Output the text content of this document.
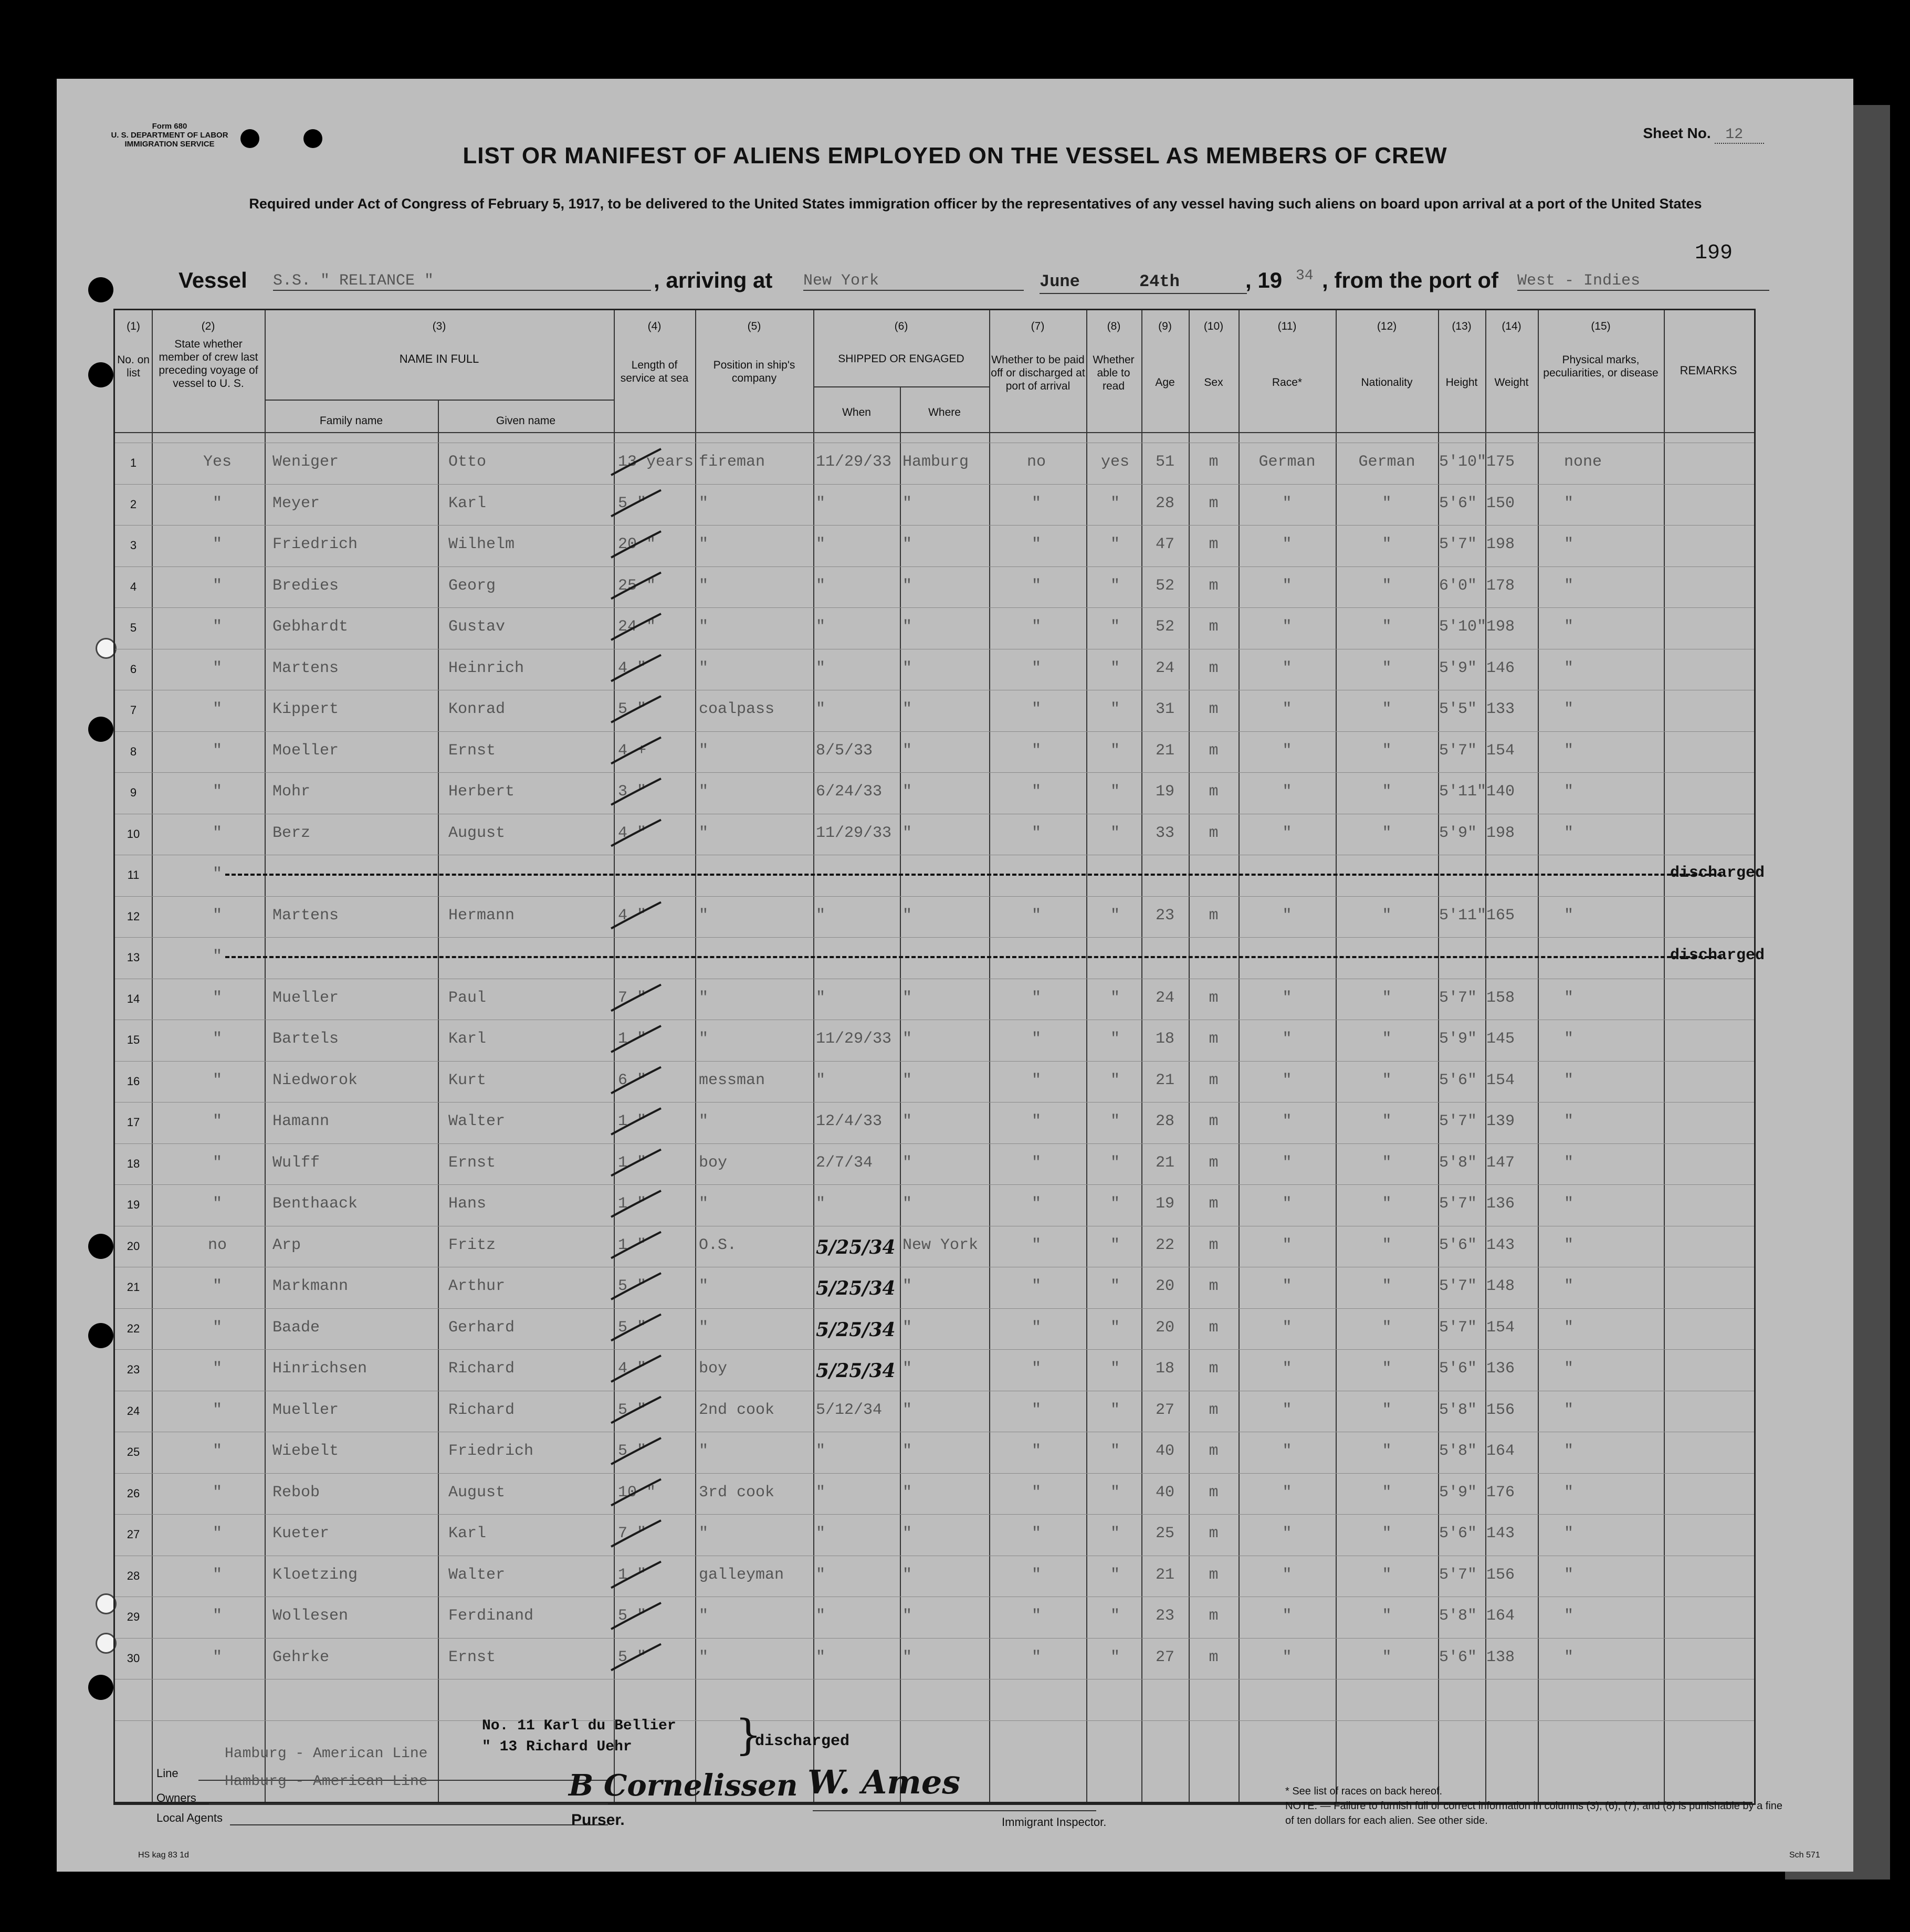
Form 680
U. S. DEPARTMENT OF LABOR
IMMIGRATION SERVICE
Sheet No. 12
LIST OR MANIFEST OF ALIENS EMPLOYED ON THE VESSEL AS MEMBERS OF CREW
Required under Act of Congress of February 5, 1917, to be delivered to the United States immigration officer by the representatives of any vessel having such aliens on board upon arrival at a port of the United States
199
Vessel S.S. " RELIANCE "	, arriving at New York	June	24th	, 19 34 , from the port of West - Indies
(1)	(2)	(3)	(4)	(5)	(6)	(7)	(8)	(9)	(10)	(11)	(12)	(13)	(14)	(15)
No. on list
State whether member of crew last preceding voyage of vessel to U. S.
NAME IN FULL
Family name	Given name
Length of service at sea
Position in ship's company
SHIPPED OR ENGAGED
When	Where
Whether to be paid off or discharged at port of arrival
Whether able to read	Age	Sex	Race*	Nationality	Height	Weight
Physical marks, peculiarities, or disease	REMARKS
1	Yes	Weniger	Otto	13 years fireman	11/29/33 Hamburg	no	yes	51	m	German	German	5'10" 175	none
2	"	Meyer	Karl	5 "	"	"	"	"	"	28	m	"	"	5'6" 150	"
3	"	Friedrich	Wilhelm	20 "	"	"	"	"	"	47	m	"	"	5'7" 198	"
4	"	Bredies	Georg	25 "	"	"	"	"	"	52	m	"	"	6'0" 178	"
5	"	Gebhardt	Gustav	24 "	"	"	"	"	"	52	m	"	"	5'10" 198	"
6	"	Martens	Heinrich	4 "	"	"	"	"	"	24	m	"	"	5'9" 146	"
7	"	Kippert	Konrad	5 "	coalpass	"	"	"	"	31	m	"	"	5'5" 133	"
8	"	Moeller	Ernst	4 +	"	8/5/33 "	"	"	21	m	"	"	5'7" 154	"
9	"	Mohr	Herbert	3 "	"	6/24/33 "	"	"	19	m	"	"	5'11" 140	"
10	"	Berz	August	4 "	"	11/29/33 "	"	"	33	m	"	"	5'9" 198	"
11	"	discharged
12	"	Martens	Hermann	4 "	"	"	"	"	"	23	m	"	"	5'11" 165	"
13	"	discharged
14	"	Mueller	Paul	7 "	"	"	"	"	"	24	m	"	"	5'7" 158	"
15	"	Bartels	Karl	1 "	"	11/29/33 "	"	"	18	m	"	"	5'9" 145	"
16	"	Niedworok	Kurt	6 "	messman	"	"	"	"	21	m	"	"	5'6" 154	"
17	"	Hamann	Walter	1 "	"	12/4/33 "	"	"	28	m	"	"	5'7" 139	"
18	"	Wulff	Ernst	1 "	boy	2/7/34 "	"	"	21	m	"	"	5'8" 147	"
19	"	Benthaack	Hans	1 "	"	"	"	"	"	19	m	"	"	5'7" 136	"
20	no	Arp	Fritz	1 "	O.S.	5/25/34 New York	"	"	22	m	"	"	5'6" 143	"
21	"	Markmann	Arthur	5 "	"	5/25/34 "	"	"	20	m	"	"	5'7" 148	"
22	"	Baade	Gerhard	5 "	"	5/25/34 "	"	"	20	m	"	"	5'7" 154	"
23	"	Hinrichsen	Richard	4 "	boy	5/25/34 "	"	"	18	m	"	"	5'6" 136	"
24	"	Mueller	Richard	5 "	2nd cook	5/12/34 "	"	"	27	m	"	"	5'8" 156	"
25	"	Wiebelt	Friedrich	5 "	"	"	"	"	"	40	m	"	"	5'8" 164	"
26	"	Rebob	August	10 "	3rd cook	"	"	"	"	40	m	"	"	5'9" 176	"
27	"	Kueter	Karl	7 "	"	"	"	"	"	25	m	"	"	5'6" 143	"
28	"	Kloetzing	Walter	1 "	galleyman "	"	"	"	21	m	"	"	5'7" 156	"
29	"	Wollesen	Ferdinand	5 "	"	"	"	"	"	23	m	"	"	5'8" 164	"
30	"	Gehrke	Ernst	5 "	"	"	"	"	"	27	m	"	"	5'6" 138	"
No. 11 Karl du Bellier
" 13 Richard Uehr }
discharged
Hamburg - American Line
Line
Hamburg - American Line
Owners
Local Agents
B Cornelissen
Purser.
W. Ames
Immigrant Inspector.
* See list of races on back hereof.
NOTE. — Failure to furnish full or correct information in columns (3), (6), (7), and (8) is punishable by a fine of ten dollars for each alien. See other side.
HS kag 83 1d	Sch 571
